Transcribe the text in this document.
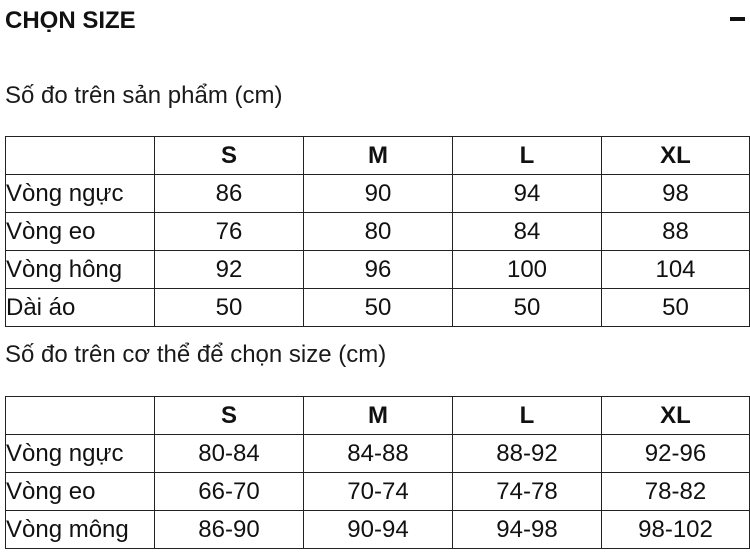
CHỌN SIZE
Số đo trên sản phẩm (cm)
	S	M	L	XL
Vòng ngực	86	90	94	98
Vòng eo	76	80	84	88
Vòng hông	92	96	100	104
Dài áo	50	50	50	50
Số đo trên cơ thể để chọn size (cm)
	S	M	L	XL
Vòng ngực	80-84	84-88	88-92	92-96
Vòng eo	66-70	70-74	74-78	78-82
Vòng mông	86-90	90-94	94-98	98-102
